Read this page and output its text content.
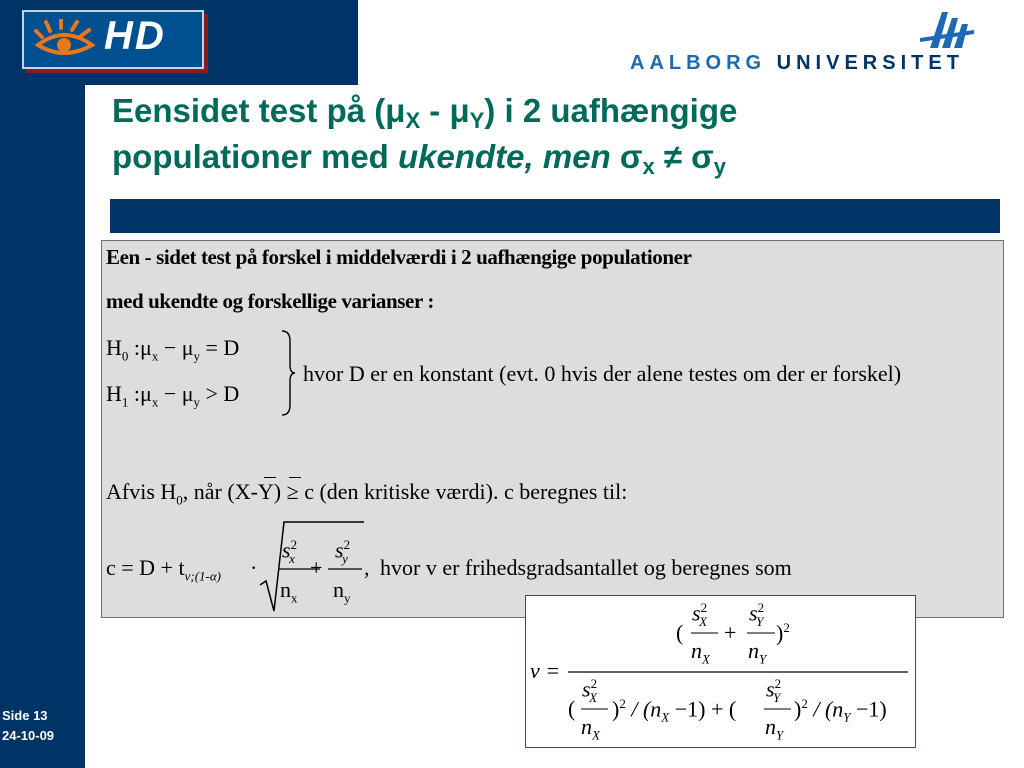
HD
AALBORG UNIVERSITET
Eensidet test på $(\mu_X - \mu_Y)$ i 2 uafhængige
populationer med ukendte, men $\sigma_x \ne \sigma_y$
Een - sidet test på forskel i middelværdi i 2 uafhængige populationer
med ukendte og forskellige varianser :
$H_0$ $:\mu_x - \mu_y = D$
$H_1$ $:\mu_x - \mu_y > D$
hvor D er en konstant (evt. 0 hvis der alene testes om der er forskel)
Afvis $H_0$, når (X-Y) ≥ c (den kritiske værdi). c beregnes til:
$c = D + t_{v;(1-\alpha)}$ ·
$s^2_x$
$n_x$
+
$s^2_y$
$n_y$
, hvor v er frihedsgradsantallet og beregnes som
v =
(
$s^2_X$
$n_X$
+
$s^2_Y$
$n_Y$
)$^2$
(
$s^2_X$
$n_X$
)$^2 / (n_X -1)$ + (
$s^2_Y$
$n_Y$
)$^2 / (n_Y -1)$
Side 13
24-10-09
